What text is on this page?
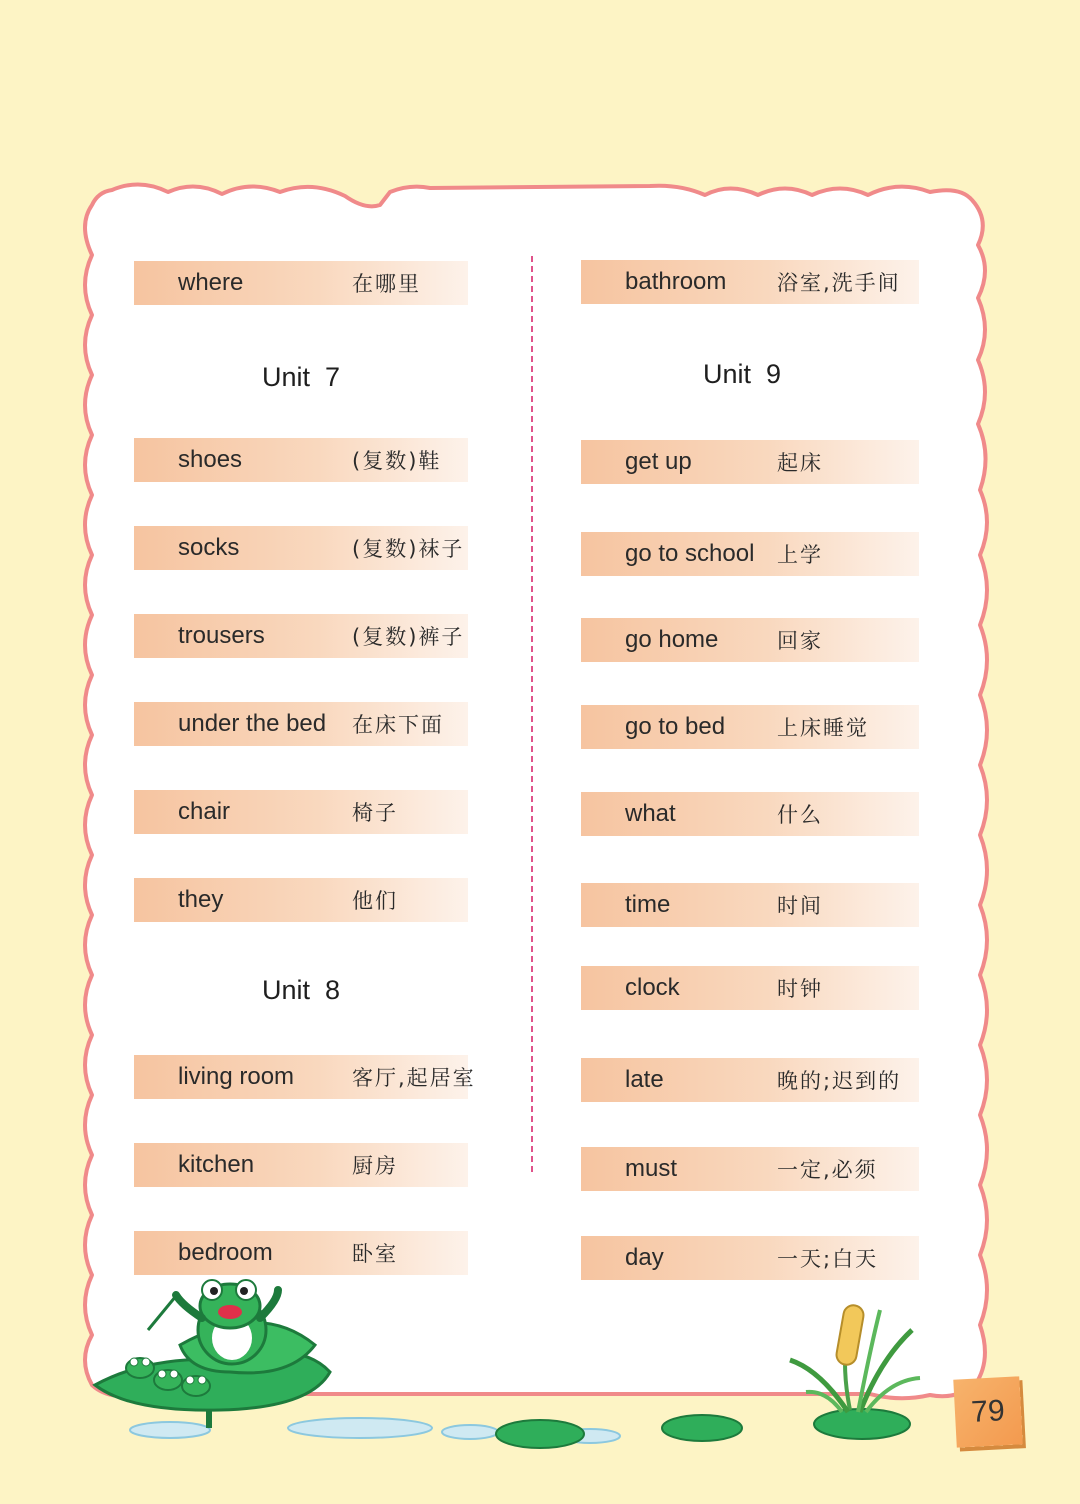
79
where	在哪里
Unit  7
shoes	(复数)鞋
socks	(复数)袜子
trousers	(复数)裤子
under the bed 在床下面
chair	椅子
they	他们
Unit  8
living room	客厅,起居室
kitchen	厨房
bedroom	卧室
bathroom 浴室,洗手间
Unit  9
get up	起床
go to school 上学
go home	回家
go to bed 上床睡觉
what	什么
time	时间
clock	时钟
late	晚的;迟到的
must	一定,必须
day	一天;白天
